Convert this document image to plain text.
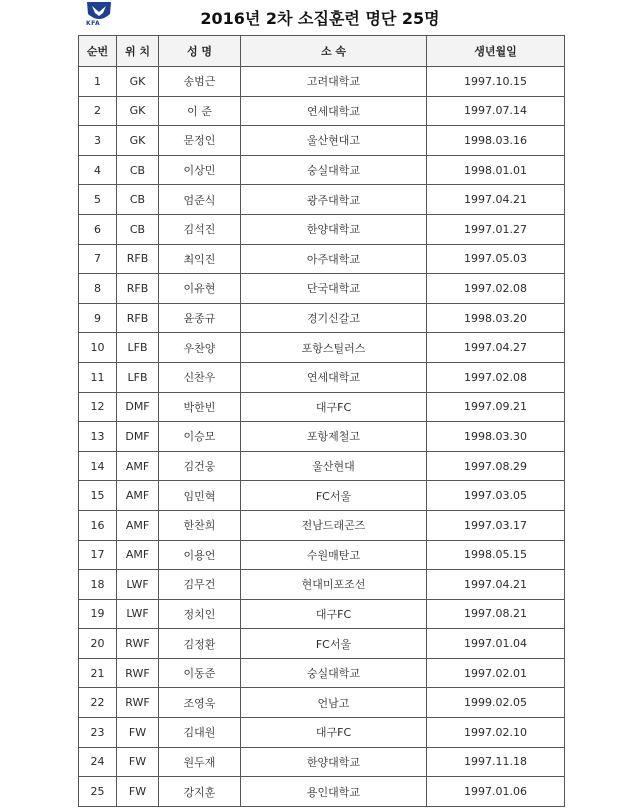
KFA	2016년 2차 소집훈련 명단 25명
순번	위 치	성 명	소 속	생년월일
1	GK	송범근	고려대학교	1997.10.15
2	GK	이 준	연세대학교	1997.07.14
3	GK	문정인	울산현대고	1998.03.16
4	CB	이상민	숭실대학교	1998.01.01
5	CB	엄준식	광주대학교	1997.04.21
6	CB	김석진	한양대학교	1997.01.27
7	RFB	최익진	아주대학교	1997.05.03
8	RFB	이유현	단국대학교	1997.02.08
9	RFB	윤종규	경기신갈고	1998.03.20
10	LFB	우찬양	포항스틸러스	1997.04.27
11	LFB	신찬우	연세대학교	1997.02.08
12	DMF	박한빈	대구FC	1997.09.21
13	DMF	이승모	포항제철고	1998.03.30
14	AMF	김건웅	울산현대	1997.08.29
15	AMF	임민혁	FC서울	1997.03.05
16	AMF	한찬희	전남드래곤즈	1997.03.17
17	AMF	이용언	수원매탄고	1998.05.15
18	LWF	김무건	현대미포조선	1997.04.21
19	LWF	정치인	대구FC	1997.08.21
20	RWF	김정환	FC서울	1997.01.04
21	RWF	이동준	숭실대학교	1997.02.01
22	RWF	조영욱	언남고	1999.02.05
23	FW	김대원	대구FC	1997.02.10
24	FW	원두재	한양대학교	1997.11.18
25	FW	강지훈	용인대학교	1997.01.06
